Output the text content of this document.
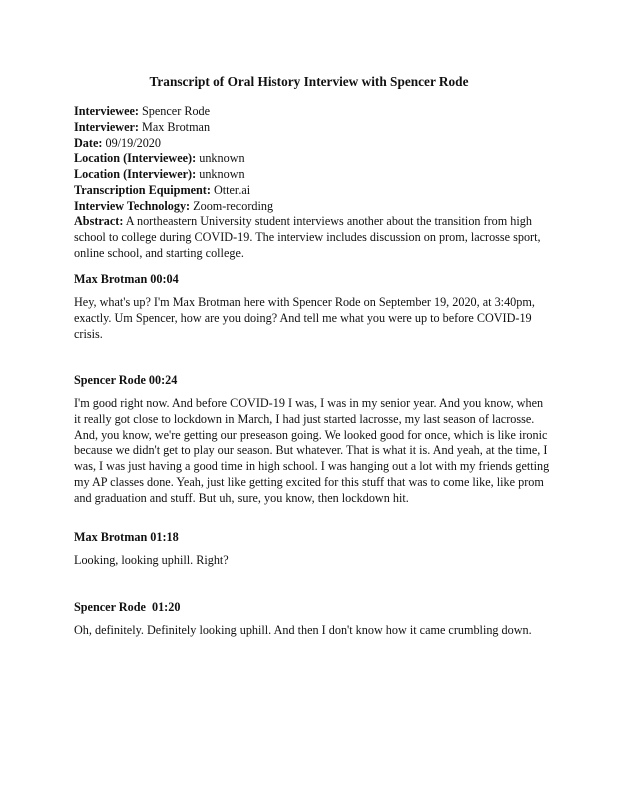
Transcript of Oral History Interview with Spencer Rode
Interviewee: Spencer Rode
Interviewer: Max Brotman
Date: 09/19/2020
Location (Interviewee): unknown
Location (Interviewer): unknown
Transcription Equipment: Otter.ai
Interview Technology: Zoom-recording

Abstract: A northeastern University student interviews another about the transition from high school to college during COVID-19. The interview includes discussion on prom, lacrosse sport, online school, and starting college.

Max Brotman 00:04

Hey, what's up? I'm Max Brotman here with Spencer Rode on September 19, 2020, at 3:40pm, exactly. Um Spencer, how are you doing? And tell me what you were up to before COVID-19 crisis.

Spencer Rode 00:24

I'm good right now. And before COVID-19 I was, I was in my senior year. And you know, when it really got close to lockdown in March, I had just started lacrosse, my last season of lacrosse. And, you know, we're getting our preseason going. We looked good for once, which is like ironic because we didn't get to play our season. But whatever. That is what it is. And yeah, at the time, I was, I was just having a good time in high school. I was hanging out a lot with my friends getting my AP classes done. Yeah, just like getting excited for this stuff that was to come like, like prom and graduation and stuff. But uh, sure, you know, then lockdown hit.

Max Brotman 01:18

Looking, looking uphill. Right?

Spencer Rode  01:20

Oh, definitely. Definitely looking uphill. And then I don't know how it came crumbling down.
